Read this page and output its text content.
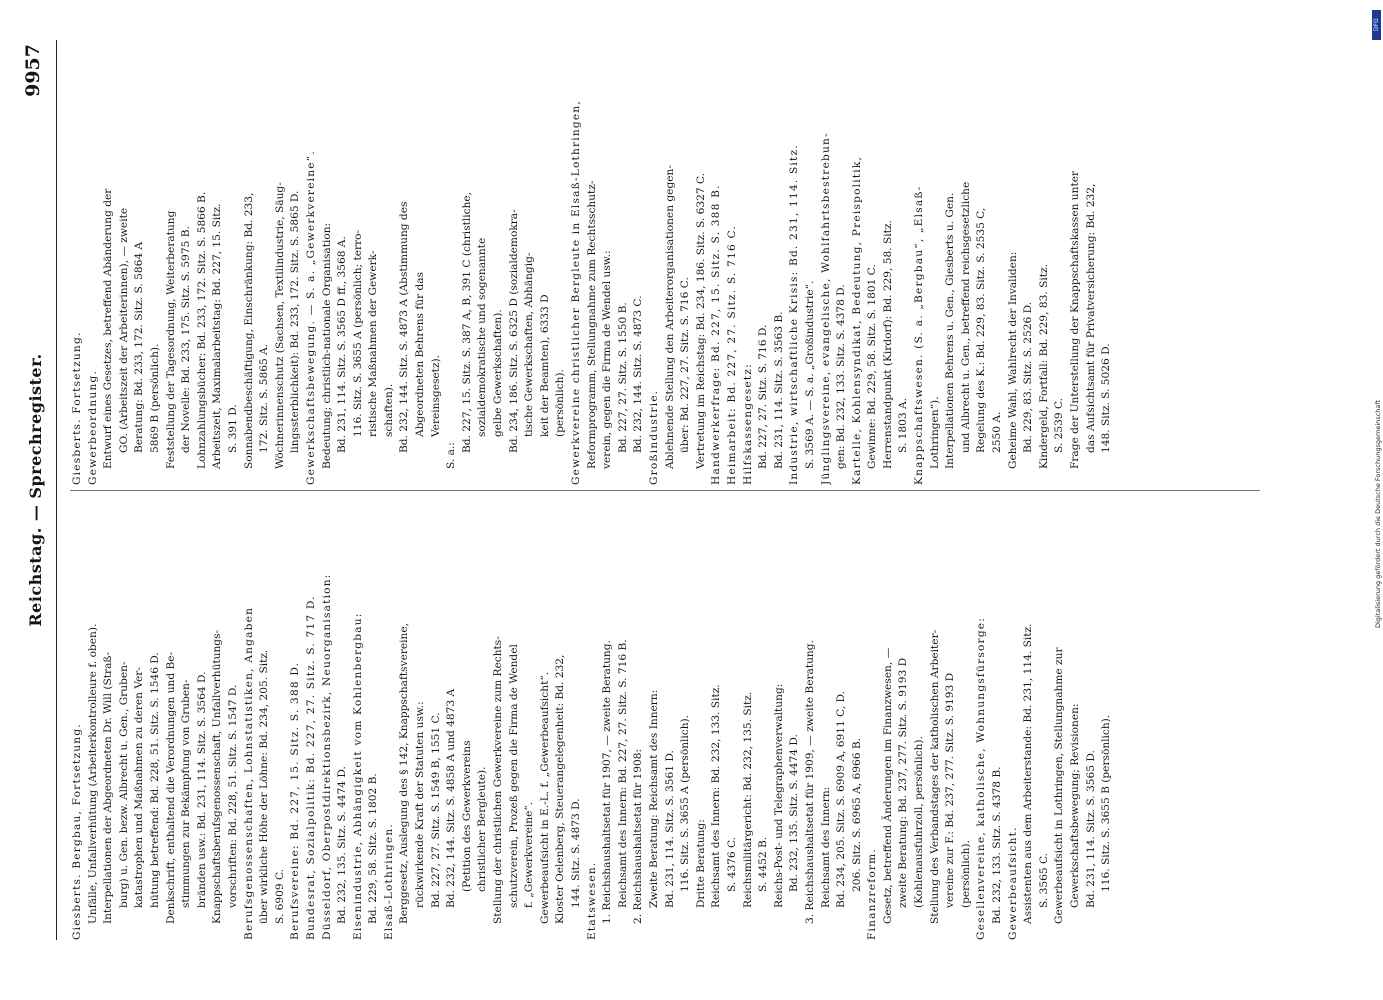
Reichstag. — Sprechregister.
9957

Giesberts. Bergbau, Fortsetzung. Unfälle, Unfallverhütung (Arbeiterkontrolleure f. oben). Interpellationen der Abgeordneten Dr. Will (Straß- burg) u. Gen. bezw. Albrecht u. Gen., Gruben- katastrophen und Maßnahmen zu deren Ver- hütung betreffend: Bd. 228, 51. Sitz. S. 1546 D. Denkschrift, enthaltend die Verordnungen und Be- stimmungen zur Bekämpfung von Gruben- bränden usw.: Bd. 231, 114. Sitz. S. 3564 D. Knappschaftsberufsgenossenschaft, Unfallverhütungs- vorschriften: Bd. 228, 51. Sitz. S. 1547 D. Berufsgenossenschaften, Lohnstatistiken, Angaben über wirkliche Höhe der Löhne: Bd. 234, 205. Sitz. S. 6909 C. Berufsvereine: Bd. 227, 15. Sitz. S. 388 D. Bundesrat, Sozialpolitik: Bd. 227, 27. Sitz. S. 717 D. Düsseldorf, Oberpostdirektionsbezirk, Neuorganisation: Bd. 232, 135. Sitz. S. 4474 D. Eisenindustrie, Abhängigkeit vom Kohlenbergbau: Bd. 229, 58. Sitz. S. 1802 B. Elsaß-Lothringen. Berggesetz, Auslegung des § 142, Knappschaftsvereine, rückwirkende Kraft der Statuten usw.: Bd. 227, 27. Sitz. S. 1549 B, 1551 C. Bd. 232, 144. Sitz. S. 4858 A und 4873 A (Petition des Gewerkvereins christlicher Bergleute). Stellung der christlichen Gewerkvereine zum Rechts- schutzverein, Prozeß gegen die Firma de Wendel f. „Gewerkvereine“. Gewerbeaufsicht in E.-L. f. „Gewerbeaufsicht“. Kloster Oelenberg, Steuerangelegenheit: Bd. 232, 144. Sitz. S. 4873 D. Etatswesen. 1. Reichshaushaltsetat für 1907, — zweite Beratung. Reichsamt des Innern: Bd. 227, 27. Sitz. S. 716 B. 2. Reichshaushaltsetat für 1908: Zweite Beratung: Reichsamt des Innern: Bd. 231, 114. Sitz. S. 3561 D. 116. Sitz. S. 3655 A (persönlich). Dritte Beratung: Reichsamt des Innern: Bd. 232, 133. Sitz. S. 4376 C. Reichsmilitärgericht: Bd. 232, 135. Sitz. S. 4452 B. Reichs-Post- und Telegraphenverwaltung: Bd. 232, 135. Sitz. S. 4474 D. 3. Reichshaushaltsetat für 1909, — zweite Beratung. Reichsamt des Innern: Bd. 234, 205. Sitz. S. 6909 A, 6911 C, D. 206. Sitz. S. 6965 A, 6966 B.

Finanzreform. Gesetz, betreffend Änderungen im Finanzwesen, — zweite Beratung: Bd. 237, 277. Sitz. S. 9193 D (Kohlenausfuhrzoll, persönlich). Stellung des Verbandstages der katholischen Arbeiter- vereine zur F.: Bd. 237, 277. Sitz. S. 9193 D (persönlich). Gesellenvereine, katholische, Wohnungsfürsorge: Bd. 232, 133. Sitz. S. 4378 B. Gewerbeaufsicht. Assistenten aus dem Arbeiterstande: Bd. 231, 114. Sitz. S. 3565 C. Gewerbeaufsicht in Lothringen, Stellungnahme zur Gewerkschaftsbewegung; Revisionen: Bd. 231, 114. Sitz. S. 3565 D. 116. Sitz. S. 3655 B (persönlich).

Giesberts. Fortsetzung. Gewerbeordnung. Entwurf eines Gesetzes, betreffend Abänderung der GO. (Arbeitszeit der Arbeiterinnen), — zweite Beratung: Bd. 233, 172. Sitz. S. 5864 A 5869 B (persönlich). Feststellung der Tagesordnung, Weiterberatung der Novelle: Bd. 233, 175. Sitz. S. 5975 B. Lohnzahlungsbücher: Bd. 233, 172. Sitz. S. 5866 B. Arbeitszeit, Maximalarbeitstag: Bd. 227, 15. Sitz. S. 391 D. Sonnabendbeschäftigung, Einschränkung: Bd. 233, 172. Sitz. S. 5865 A. Wöchnerinnenschutz (Sachsen, Textilindustrie, Säug- lingssterblichkeit): Bd. 233, 172. Sitz. S. 5865 D. Gewerkschaftsbewegung. — S. a. „Gewerkvereine“. Bedeutung; christlich-nationale Organisation: Bd. 231, 114. Sitz. S. 3565 D ff., 3568 A. 116. Sitz. S. 3655 A (persönlich; terro- ristische Maßnahmen der Gewerk- schaften). Bd. 232, 144. Sitz. S. 4873 A (Abstimmung des Abgeordneten Behrens für das Vereinsgesetz).

S. a.:

Bd. 227, 15. Sitz. S. 387 A, B, 391 C (christliche, sozialdemokratische und sogenannte gelbe Gewerkschaften). Bd. 234, 186. Sitz. S. 6325 D (sozialdemokra- tische Gewerkschaften, Abhängig- keit der Beamten), 6333 D (persönlich). Gewerkvereine christlicher Bergleute in Elsaß-Lothringen, Reformprogramm, Stellungnahme zum Rechtsschutz- verein, gegen die Firma de Wendel usw.: Bd. 227, 27. Sitz. S. 1550 B. Bd. 232, 144. Sitz. S. 4873 C. Großindustrie. Ablehnende Stellung den Arbeiterorganisationen gegen- über: Bd. 227, 27. Sitz. S. 716 C. Vertretung im Reichstag: Bd. 234, 186. Sitz. S. 6327 C. Handwerkerfrage: Bd. 227, 15. Sitz. S. 388 B. Heimarbeit: Bd. 227, 27. Sitz. S. 716 C. Hilfskassengesetz: Bd. 227, 27. Sitz. S. 716 D. Bd. 231, 114. Sitz. S. 3563 B. Industrie, wirtschaftliche Krisis: Bd. 231, 114. Sitz. S. 3569 A. — S. a. „Großindustrie“. Jünglingsvereine, evangelische, Wohlfahrtsbestrebun- gen: Bd. 232, 133. Sitz. S. 4378 D. Kartelle, Kohlensyndikat, Bedeutung, Preispolitik, Gewinne: Bd. 229, 58. Sitz. S. 1801 C. Herrenstandpunkt (Kirdorf): Bd. 229, 58. Sitz. S. 1803 A. Knappschaftswesen. (S. a. „Bergbau“, „Elsaß- Lothringen“). Interpellationen Behrens u. Gen., Giesberts u. Gen. und Albrecht u. Gen., betreffend reichsgesetzliche Regelung des K.: Bd. 229, 83. Sitz. S. 2535 C, 2550 A. Geheime Wahl, Wahlrecht der Invaliden: Bd. 229, 83. Sitz. S. 2526 D. Kindergeld, Fortfall: Bd. 229, 83. Sitz. S. 2539 C. Frage der Unterstellung der Knappschaftskassen unter das Aufsichtsamt für Privatversicherung: Bd. 232, 148. Sitz. S. 5026 D.

DFG
Digitalisierung gefördert durch die Deutsche Forschungsgemeinschaft
